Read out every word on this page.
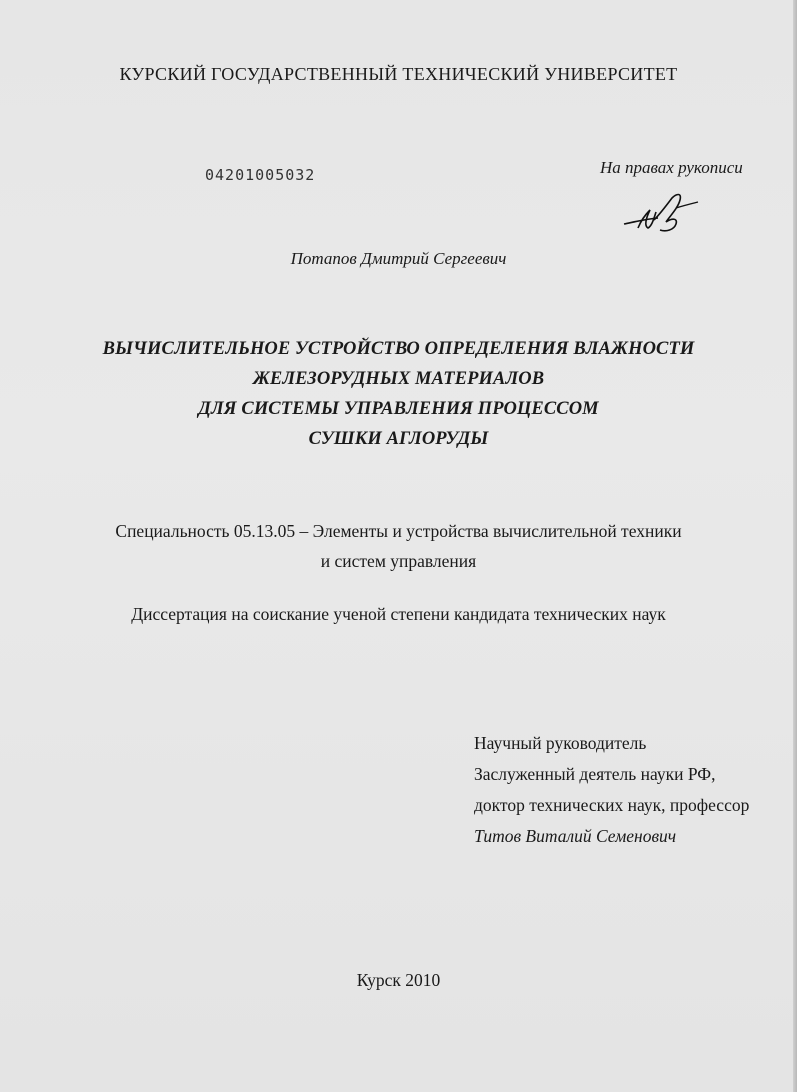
КУРСКИЙ ГОСУДАРСТВЕННЫЙ ТЕХНИЧЕСКИЙ УНИВЕРСИТЕТ

04201005032	На правах рукописи

Потапов Дмитрий Сергеевич

ВЫЧИСЛИТЕЛЬНОЕ УСТРОЙСТВО ОПРЕДЕЛЕНИЯ ВЛАЖНОСТИ
ЖЕЛЕЗОРУДНЫХ МАТЕРИАЛОВ
ДЛЯ СИСТЕМЫ УПРАВЛЕНИЯ ПРОЦЕССОМ
СУШКИ АГЛОРУДЫ
Специальность 05.13.05 – Элементы и устройства вычислительной техники
и систем управления

Диссертация на соискание ученой степени кандидата технических наук

Научный руководитель
Заслуженный деятель науки РФ,
доктор технических наук, профессор
Титов Виталий Семенович

Курск 2010
